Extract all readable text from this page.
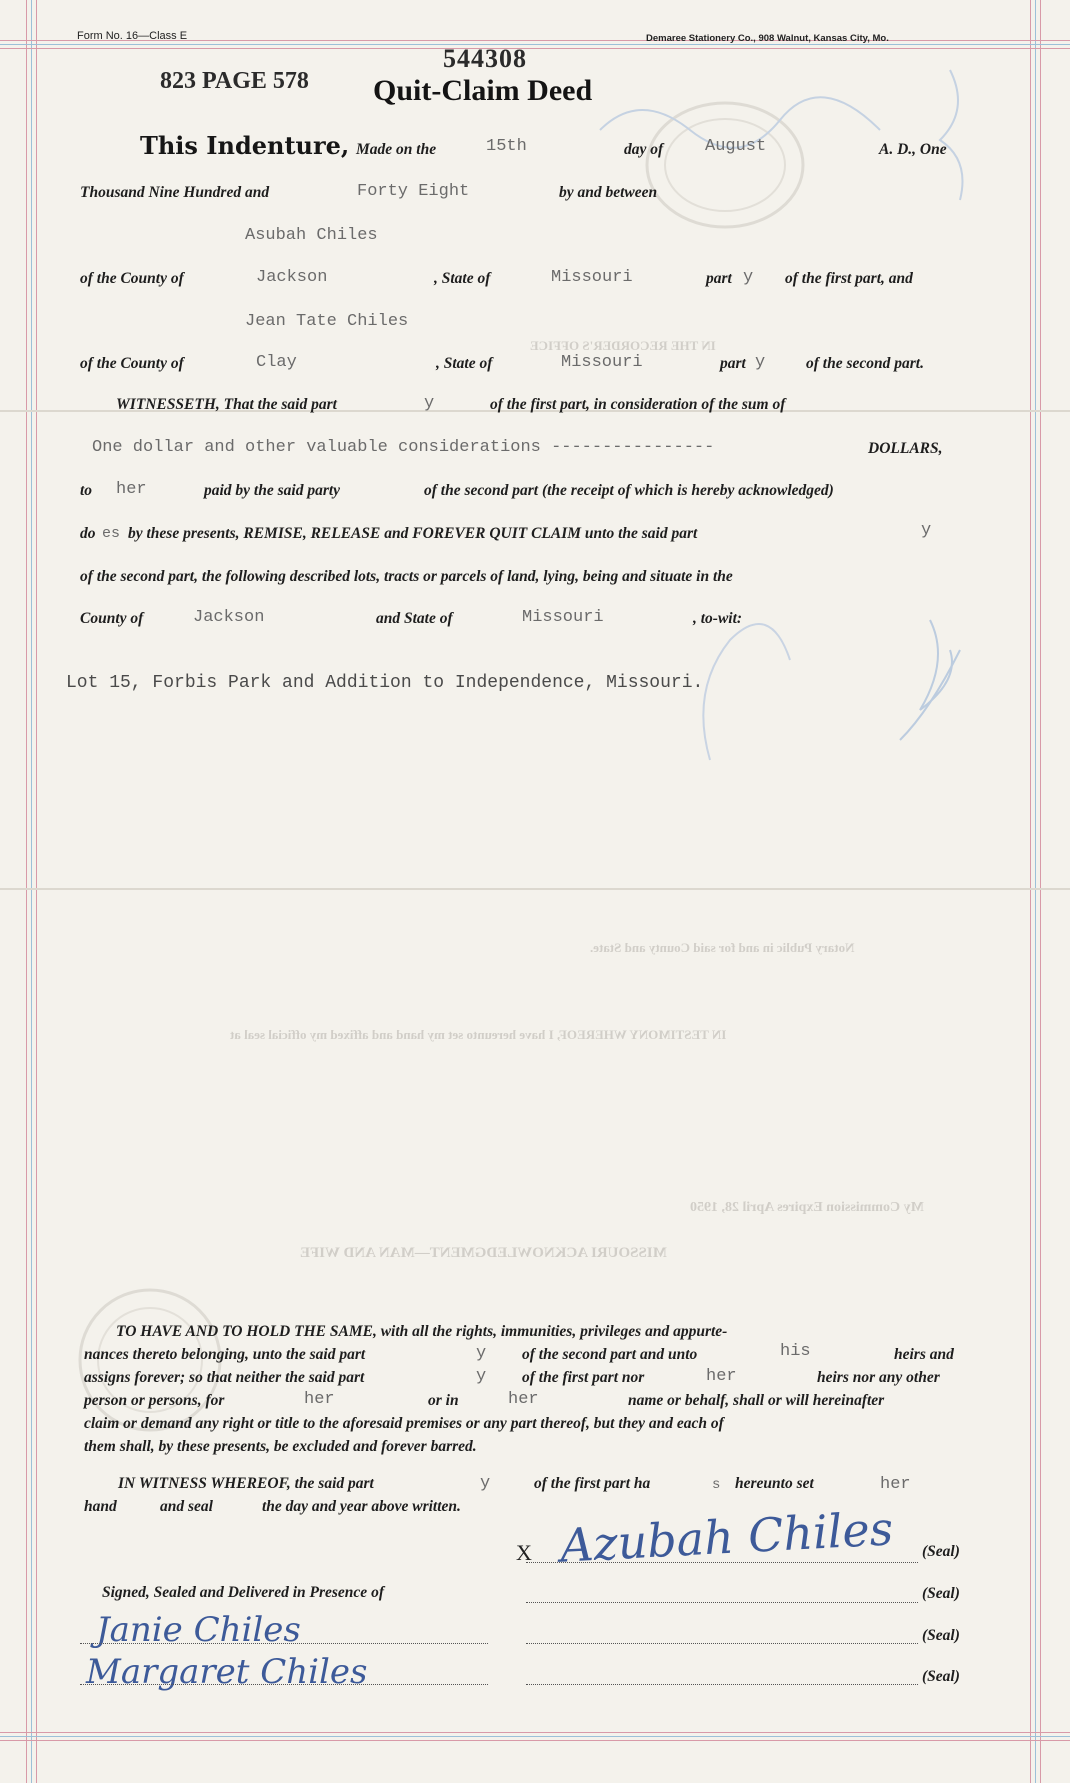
MISSOURI ACKNOWLEDGMENT—MAN AND WIFE
IN THE RECORDER'S OFFICE
My Commission Expires April 28, 1950
Notary Public in and for said County and State.
IN TESTIMONY WHEREOF, I have hereunto set my hand and affixed my official seal at
Form No. 16—Class E	Demaree Stationery Co., 908 Walnut, Kansas City, Mo.
544308
823 PAGE 578 Quit-Claim Deed
This Indenture, Made on the	15th	day of August	A. D., One
Thousand Nine Hundred and	Forty Eight	by and between
Asubah Chiles
of the County of	Jackson	, State of	Missouri	part y of the first part, and
Jean Tate Chiles
of the County of	Clay	, State of	Missouri	part y	of the second part.
WITNESSETH, That the said part	y	of the first part, in consideration of the sum of
One dollar and other valuable considerations ----------------	DOLLARS,
to her	paid by the said party	of the second part (the receipt of which is hereby acknowledged)
do es by these presents, REMISE, RELEASE and FOREVER QUIT CLAIM unto the said part	y
of the second part, the following described lots, tracts or parcels of land, lying, being and situate in the
County of	Jackson	and State of	Missouri	, to-wit:
Lot 15, Forbis Park and Addition to Independence, Missouri.
TO HAVE AND TO HOLD THE SAME, with all the rights, immunities, privileges and appurte-
nances thereto belonging, unto the said part	y of the second part and unto	his	heirs and
assigns forever; so that neither the said part	y of the first part nor	her	heirs nor any other
person or persons, for	her	or in	her	name or behalf, shall or will hereinafter
claim or demand any right or title to the aforesaid premises or any part thereof, but they and each of
them shall, by these presents, be excluded and forever barred.
IN WITNESS WHEREOF, the said part	y	of the first part ha	s hereunto set	her
hand	and seal	the day and year above written.
X Azubah Chiles (Seal)
Signed, Sealed and Delivered in Presence of	(Seal)
Janie Chiles	(Seal)
Margaret Chiles	(Seal)
